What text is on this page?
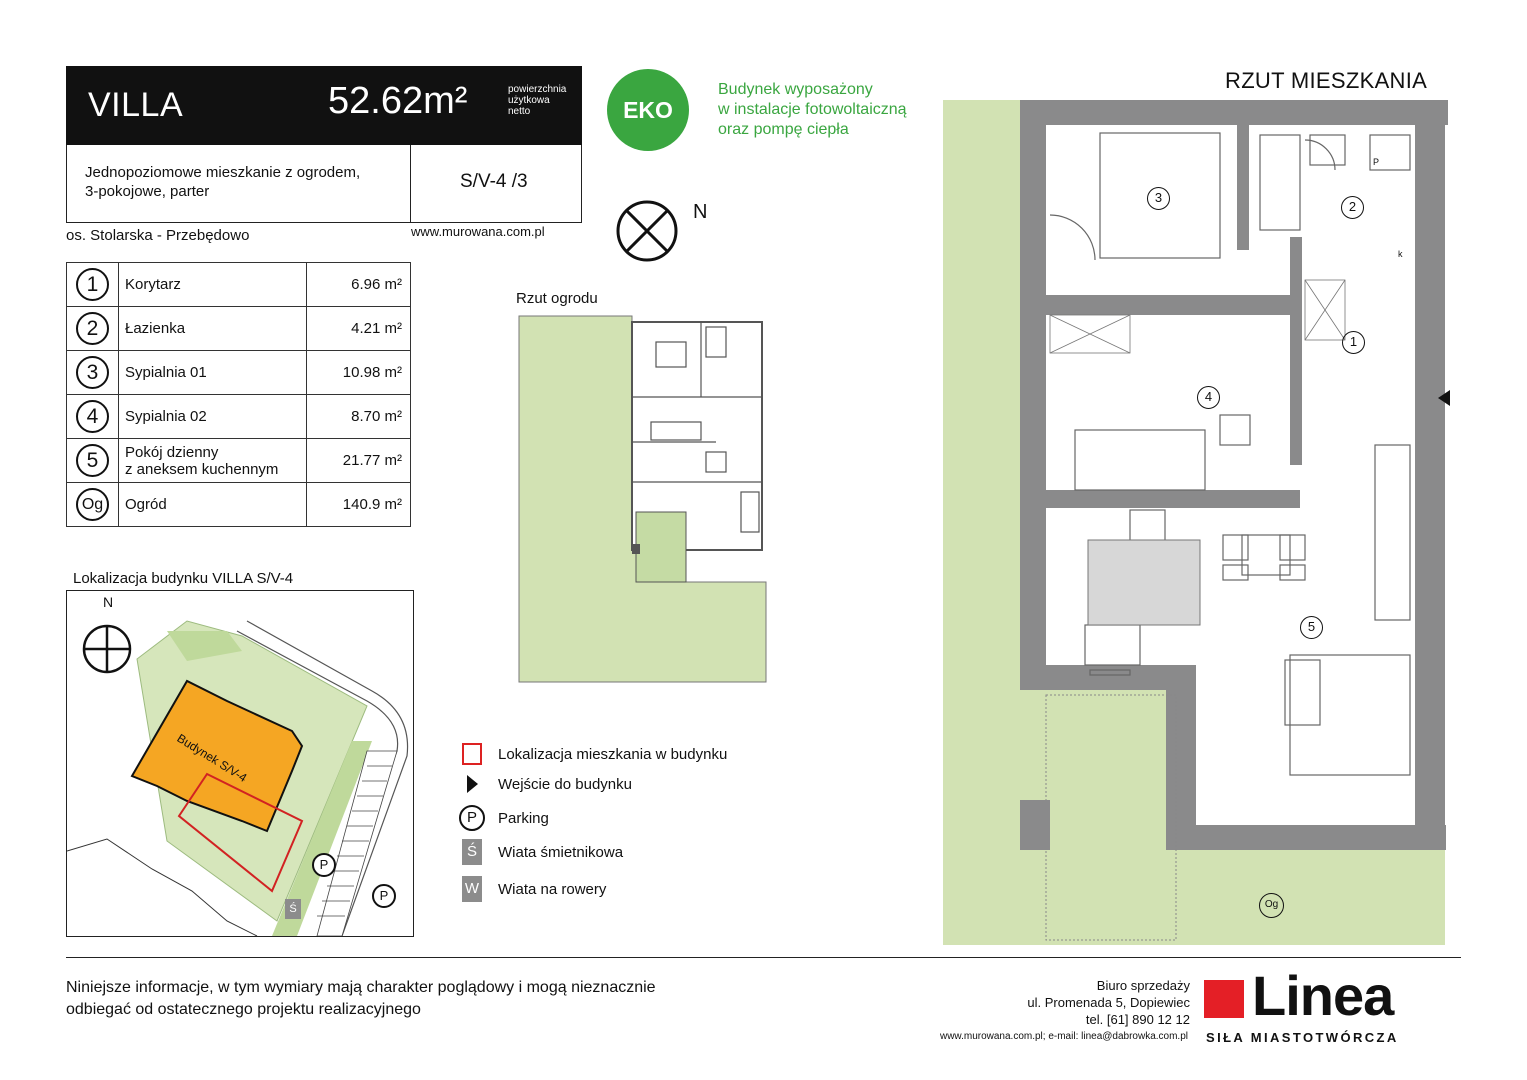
VILLA	52.62m²	powierzchnia
użytkowa
netto
Jednopoziomowe mieszkanie z ogrodem,
3-pokojowe, parter	S/V-4 /3
os. Stolarska - Przebędowo	www.murowana.com.pl
EKO
Budynek wyposażony
w instalacje fotowoltaiczną
oraz pompę ciepła
N
1	Korytarz	6.96 m²
2	Łazienka	4.21 m²
3	Sypialnia 01	10.98 m²
4	Sypialnia 02	8.70 m²
5	Pokój dzienny
z aneksem kuchennym	21.77 m²
Og	Ogród	140.9 m²
Lokalizacja budynku VILLA S/V-4
N
Budynek S/V-4
P
P
Ś
Lokalizacja mieszkania w budynku
Wejście do budynku
P	Parking
Ś	Wiata śmietnikowa
W Wiata na rowery
Rzut ogrodu
RZUT MIESZKANIA
3
2
1
4
5
Og
P
k
Niniejsze informacje, w tym wymiary mają charakter poglądowy i mogą nieznacznie
odbiegać od ostatecznego projektu realizacyjnego
Biuro sprzedaży
ul. Promenada 5, Dopiewiec
tel. [61] 890 12 12
www.murowana.com.pl; e-mail: linea@dabrowka.com.pl
Linea
SIŁA MIASTOTWÓRCZA
